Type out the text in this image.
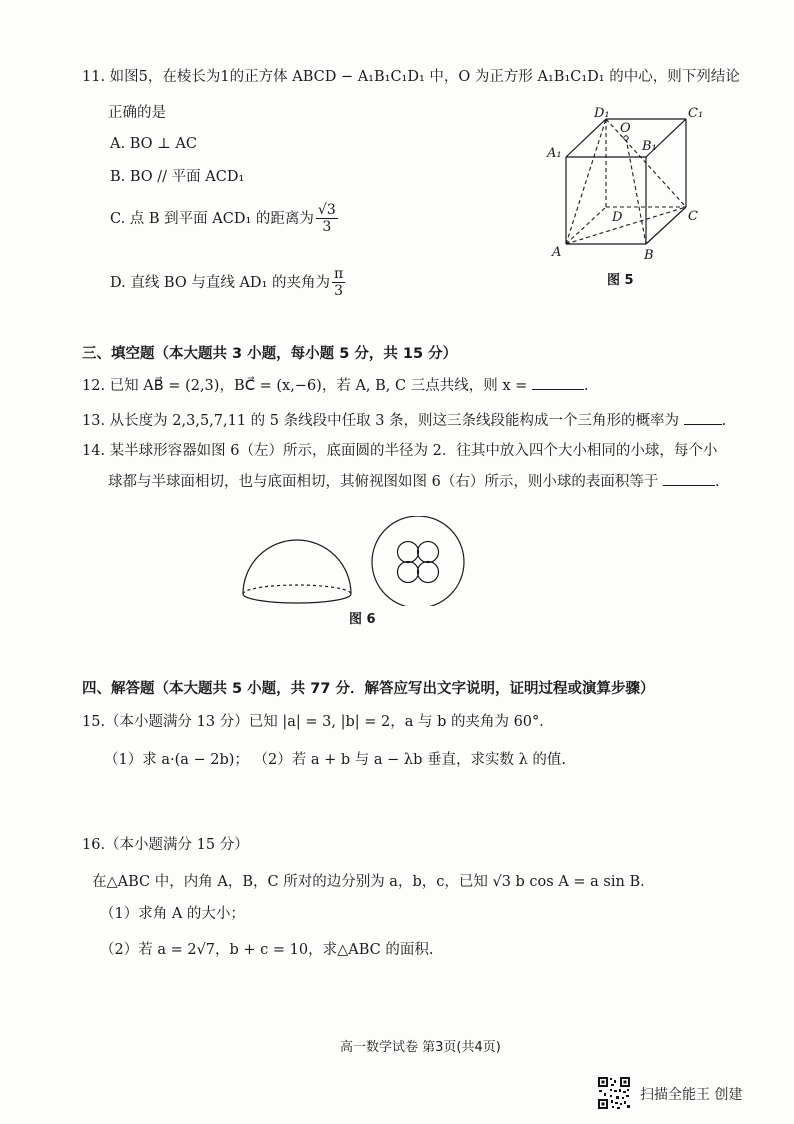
11. 如图5，在棱长为1的正方体 ABCD − A₁B₁C₁D₁ 中，O 为正方形 A₁B₁C₁D₁ 的中心，则下列结论
正确的是
A. BO ⊥ AC
B. BO // 平面 ACD₁
C. 点 B 到平面 ACD₁ 的距离为 $\frac{√3}{3}$
D. 直线 BO 与直线 AD₁ 的夹角为 $\frac{\pi}{3}$
D₁	C₁
A₁	B₁
O
D	C
A	B
图 5
三、填空题（本大题共 3 小题，每小题 5 分，共 15 分）
12. 已知 AB⃗ = (2,3)，BC⃗ = (x,−6)，若 A, B, C 三点共线，则 x =	.
13. 从长度为 2,3,5,7,11 的 5 条线段中任取 3 条，则这三条线段能构成一个三角形的概率为	.
14. 某半球形容器如图 6（左）所示，底面圆的半径为 2．往其中放入四个大小相同的小球，每个小
球都与半球面相切，也与底面相切，其俯视图如图 6（右）所示，则小球的表面积等于	.
图 6
四、解答题（本大题共 5 小题，共 77 分．解答应写出文字说明，证明过程或演算步骤）
15.（本小题满分 13 分）已知 |a| = 3, |b| = 2，a 与 b 的夹角为 60°．
（1）求 a·(a − 2b)； （2）若 a + b 与 a − λb 垂直，求实数 λ 的值.
16.（本小题满分 15 分）
在△ABC 中，内角 A，B，C 所对的边分别为 a，b，c，已知 √3 b cos A = a sin B．
（1）求角 A 的大小；
（2）若 a = 2√7，b + c = 10，求△ABC 的面积.
高一数学试卷 第3页(共4页)
扫描全能王 创建
